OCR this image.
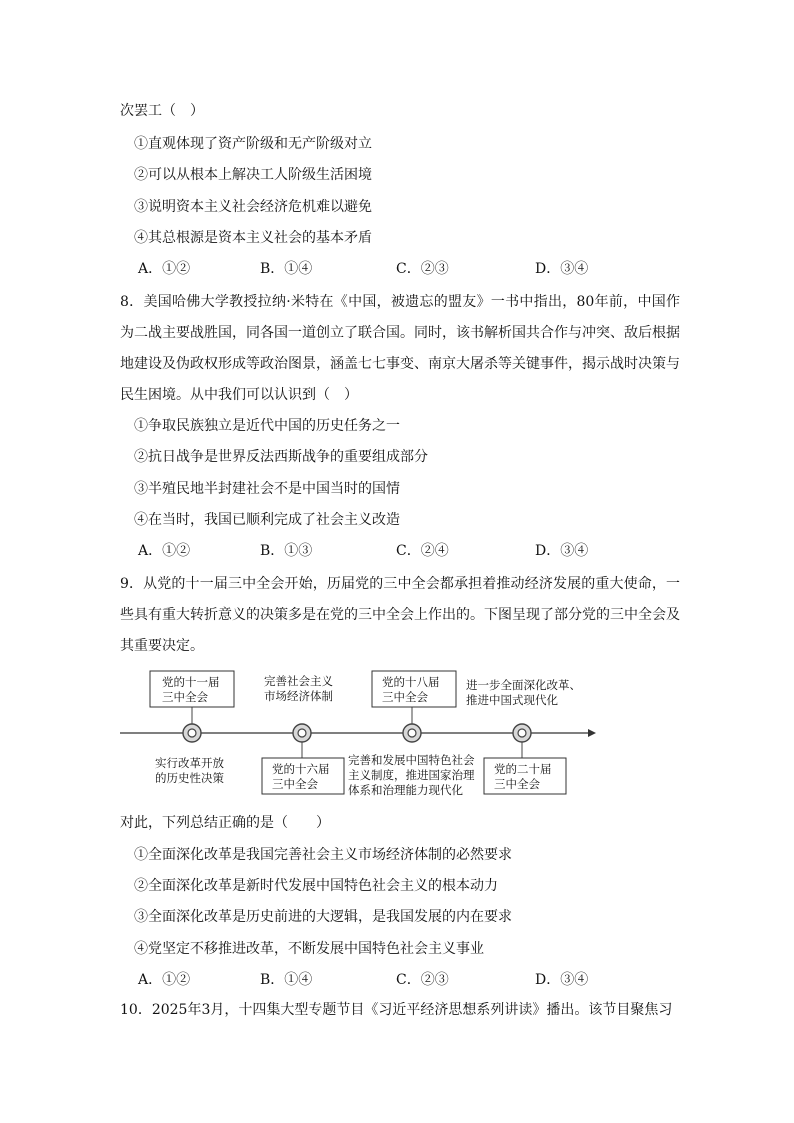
次罢工（　）
①直观体现了资产阶级和无产阶级对立
②可以从根本上解决工人阶级生活困境
③说明资本主义社会经济危机难以避免
④其总根源是资本主义社会的基本矛盾
A．①②	B．①④	C．②③	D．③④
8．美国哈佛大学教授拉纳·米特在《中国，被遗忘的盟友》一书中指出，80年前，中国作为二战主要战胜国，同各国一道创立了联合国。同时，该书解析国共合作与冲突、敌后根据地建设及伪政权形成等政治图景，涵盖七七事变、南京大屠杀等关键事件，揭示战时决策与民生困境。从中我们可以认识到（　）
①争取民族独立是近代中国的历史任务之一
②抗日战争是世界反法西斯战争的重要组成部分
③半殖民地半封建社会不是中国当时的国情
④在当时，我国已顺利完成了社会主义改造
A．①②	B．①③	C．②④	D．③④
9．从党的十一届三中全会开始，历届党的三中全会都承担着推动经济发展的重大使命，一些具有重大转折意义的决策多是在党的三中全会上作出的。下图呈现了部分党的三中全会及其重要决定。
党的十一届
三中全会
党的十八届
三中全会
党的十六届
三中全会
党的二十届
三中全会
实行改革开放
的历史性决策
完善社会主义
市场经济体制
完善和发展中国特色社会
主义制度，推进国家治理
体系和治理能力现代化
进一步全面深化改革、
推进中国式现代化
对此，下列总结正确的是（　　）
①全面深化改革是我国完善社会主义市场经济体制的必然要求
②全面深化改革是新时代发展中国特色社会主义的根本动力
③全面深化改革是历史前进的大逻辑，是我国发展的内在要求
④党坚定不移推进改革，不断发展中国特色社会主义事业
A．①②	B．①④	C．②③	D．③④
10．2025年3月，十四集大型专题节目《习近平经济思想系列讲读》播出。该节目聚焦习
